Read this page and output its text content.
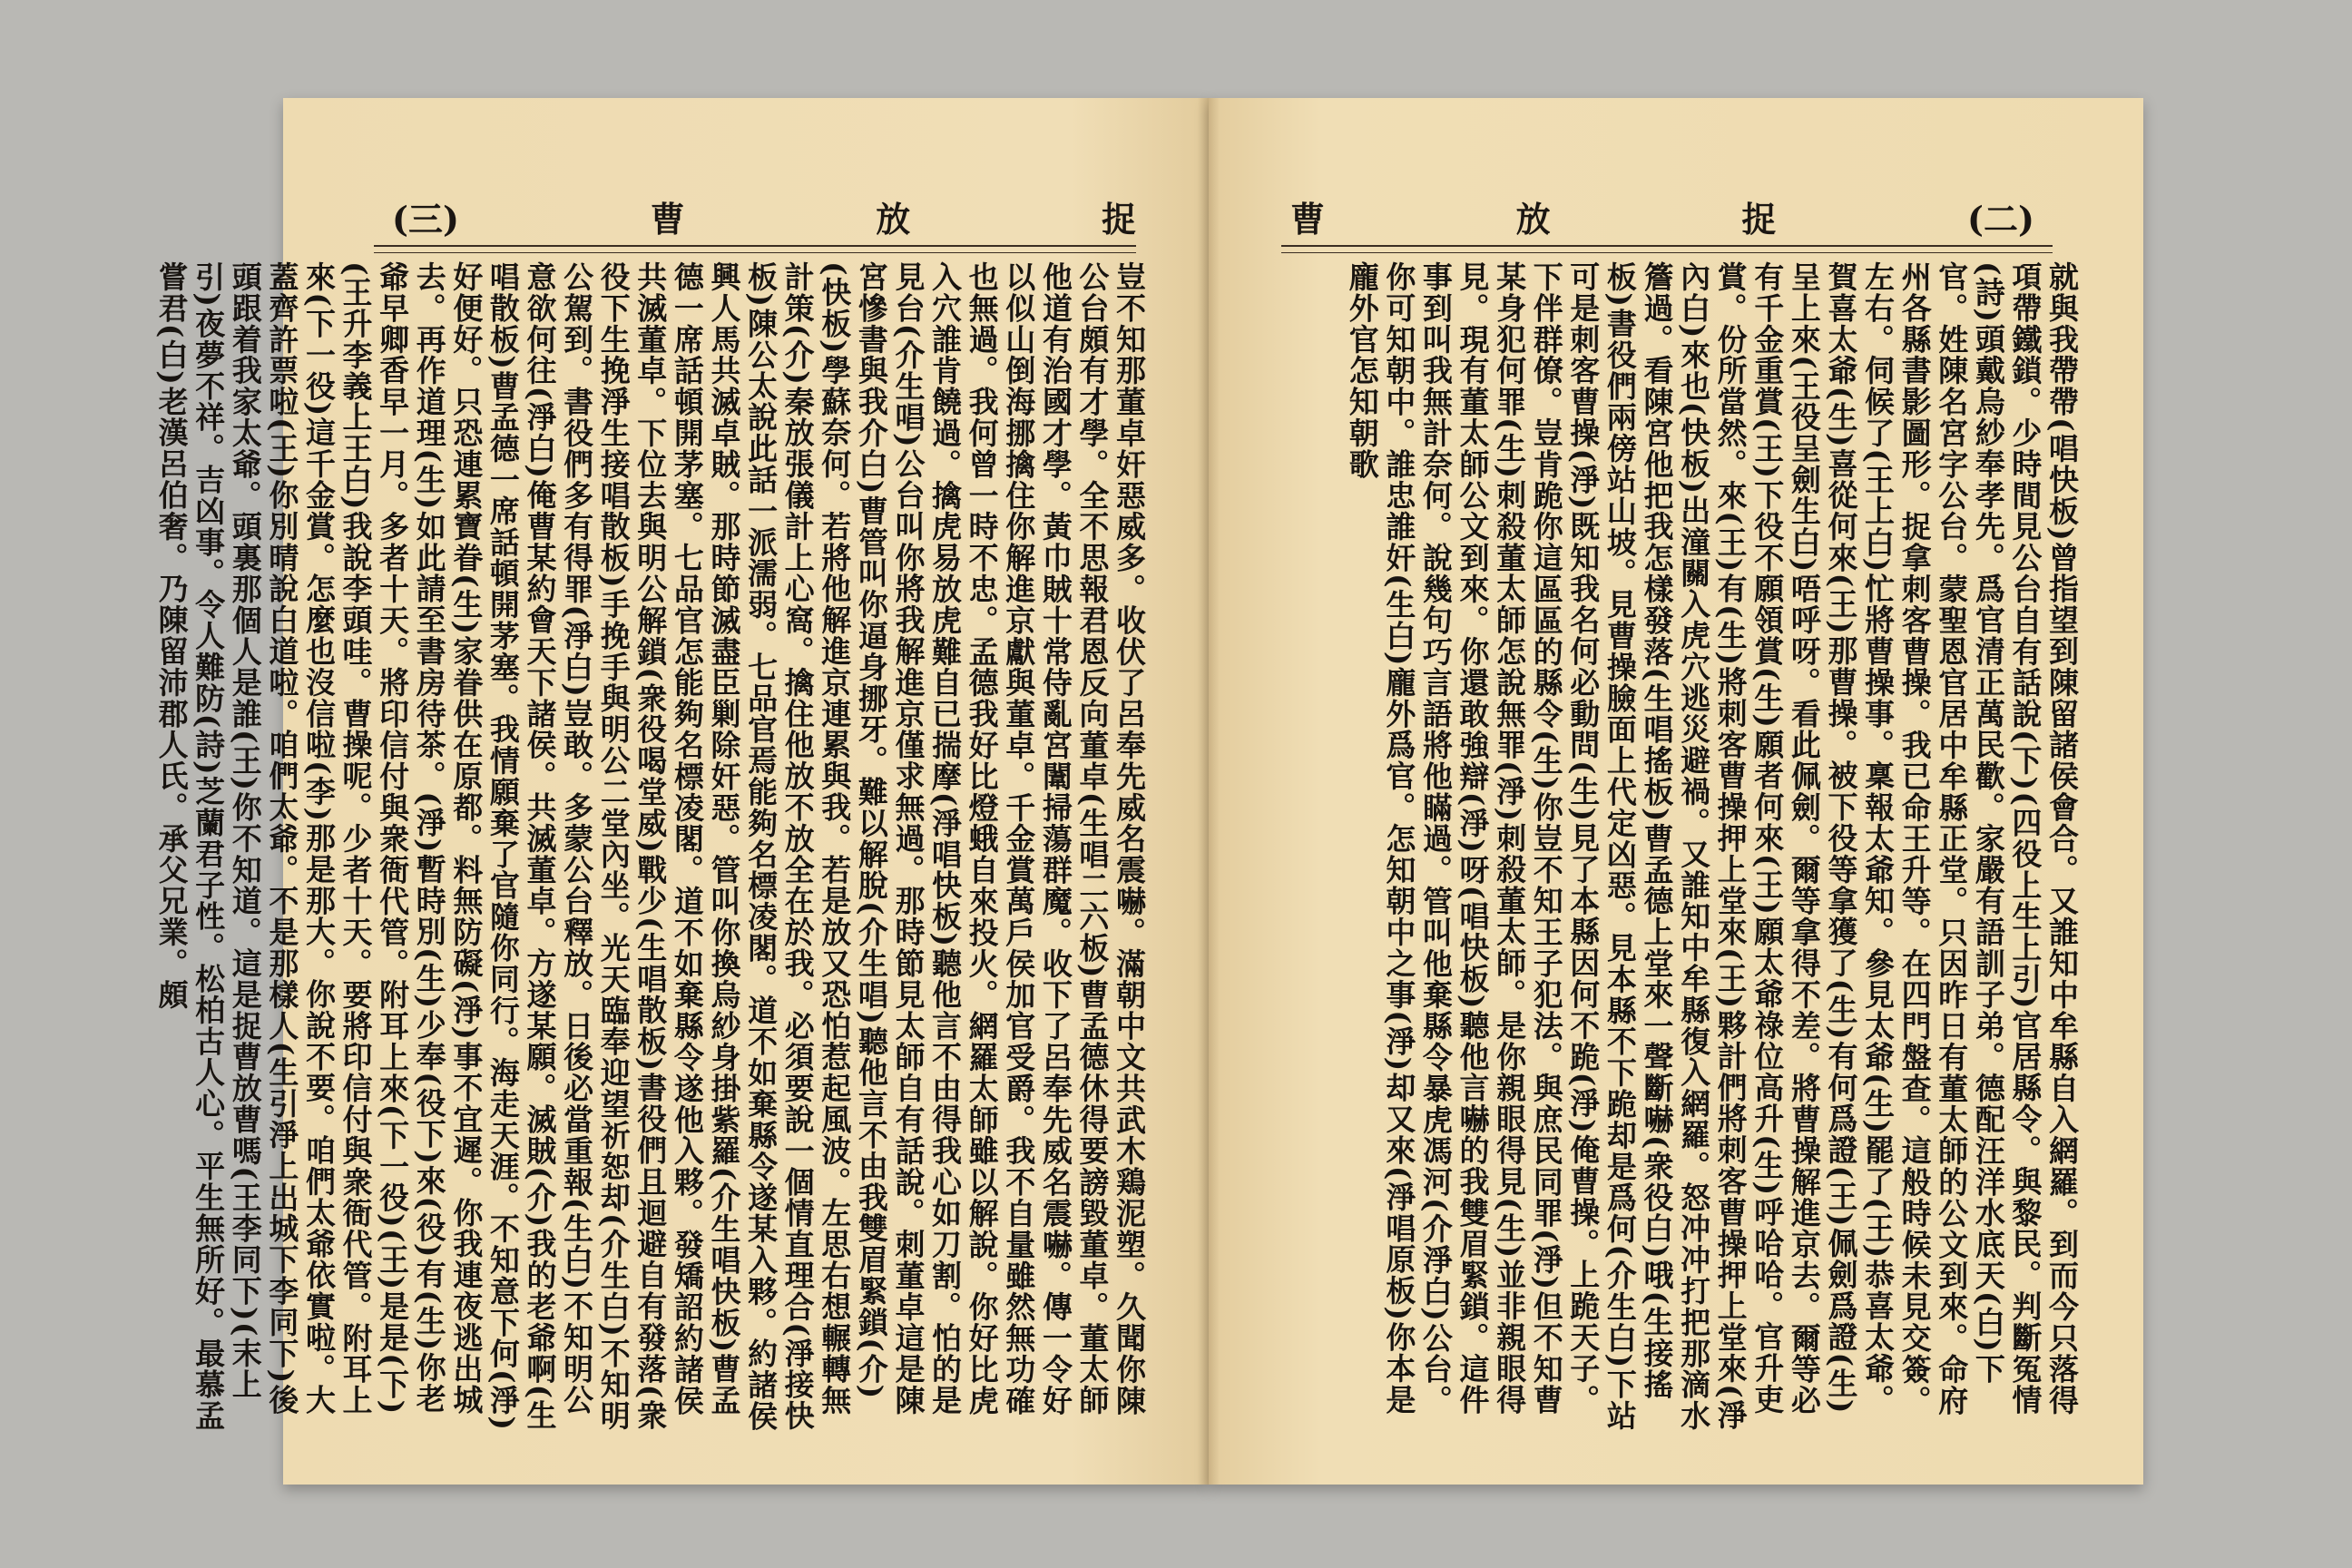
(三)	曹	放	捉

豈不知那董卓奸惡威多。收伏了呂奉先威名震嚇。滿朝中文共武木鶏泥塑。久聞你陳公台頗有才學。全不思報君恩反向董卓(生唱二六板)曹孟德休得要謗毀董卓。董太師他道有治國才學。黃巾賊十常侍亂宮闈掃蕩群魔。收下了呂奉先威名震嚇。傳一令好以似山倒海挪擒住你解進京獻與董卓。千金賞萬戶侯加官受爵。我不自量雖然無功確也無過。我何曾一時不忠。孟德我好比燈蛾自來投火。網羅太師雖以解說。你好比虎入穴誰肯饒過。擒虎易放虎難自已揣摩(淨唱快板)聽他言不由得我心如刀割。怕的是見台(介生唱)公台叫你將我解進京僅求無過。那時節見太師自有話說。刺董卓這是陳宮慘書與我介白)曹管叫你逼身挪牙。難以解脫(介生唱)聽他言不由我雙眉緊鎖(介)(快板)學蘇奈何。若將他解進京連累與我。若是放又恐怕惹起風波。左思右想輾轉無計策(介)秦放張儀計上心窩。擒住他放不放全在於我。必須要說一個情直理合(淨接快板)陳公太說此話一派濡弱。七品官焉能夠名標凌閣。道不如棄縣令遂某入夥。約諸侯興人馬共滅卓賊。那時節滅盡臣剿除奸惡。管叫你換烏紗身掛紫羅(介生唱快板)曹孟德一席話頓開茅塞。七品官怎能夠名標凌閣。道不如棄縣令遂他入夥。發矯詔約諸侯共滅董卓。下位去與明公解鎖(衆役喝堂威)戰少(生唱散板)書役們且迴避自有發落(衆役下生挽淨生接唱散板)手挽手與明公二堂內坐。光天臨奉迎望祈恕却(介生白)不知明公駕到。書役們多有得罪(淨白)豈敢。多蒙公台釋放。日後必當重報(生白)不知明公意欲何往(淨白)俺曹某約會天下諸侯。共滅董卓。方遂某願。滅賊(介)我的老爺啊(生唱散板)曹孟德一席話頓開茅塞。我情願棄了官隨你同行。海走天涯。不知意下何(淨)好便好。只恐連累寶眷(生)家眷供在原都。料無防礙(淨)事不宜遲。你我連夜逃出城去。再作道理(生)如此請至書房待茶。(淨)暫時別(生)少奉(役下)來(役)有(生)你老爺早卿香早一月。多者十天。將印信付與衆衙代管。附耳上來(下一役)(王)是是(下)(王升李義上王白)我說李頭哇。曹操呢。少者十天。要將印信付與衆衙代管。附耳上來(下一役)這千金賞。怎麼也沒信啦(李)那是那大。你說不要。咱們太爺依實啦。大蓋齊許票啦(王)你別晴說白道啦。咱們太爺。不是那樣人(生引淨上出城下李同下)後頭跟着我家太爺。頭裏那個人是誰(王)你不知道。這是捉曹放曹嗎(王李同下)(末上引)夜夢不祥。吉凶事。令人難防(詩)芝蘭君子性。松柏古人心。平生無所好。最慕孟嘗君(白)老漢呂伯奢。乃陳留沛郡人氏。承父兄業。頗

曹	放	捉	(二)

就與我帶帶(唱快板)曾指望到陳留諸侯會合。又誰知中牟縣自入網羅。到而今只落得項帶鐵鎖。少時間見公台自有話說(下)(四役上生上引)官居縣令。與黎民。判斷冤情(詩)頭戴烏紗奉孝先。爲官清正萬民歡。家嚴有語訓子弟。德配汪洋水底天(白)下官。姓陳名宮字公台。蒙聖恩官居中牟縣正堂。只因昨日有董太師的公文到來。命府州各縣書影圖形。捉拿刺客曹操。我已命王升等。在四門盤查。這般時候未見交簽。左右。伺候了(王上白)忙將曹操事。稟報太爺知。參見太爺(生)罷了(王)恭喜太爺。賀喜太爺(生)喜從何來(王)那曹操。被下役等拿獲了(生)有何爲證(王)佩劍爲證(生)呈上來(王役呈劍生白)唔呼呀。看此佩劍。爾等拿得不差。將曹操解進京去。爾等必有千金重賞(王)下役不願領賞(生)願者何來(王)願太爺祿位高升(生)呼哈哈。官升吏賞。份所當然。來(王)有(生)將刺客曹操押上堂來(王)夥計們將刺客曹操押上堂來(淨內白)來也(快板)出潼關入虎穴逃災避禍。又誰知中牟縣復入網羅。怒冲冲打把那滴水簷過。看陳宮他把我怎樣發落(生唱搖板)曹孟德上堂來一聲斷嚇(衆役白)哦(生接搖板)書役們兩傍站山坡。見曹操臉面上代定凶惡。見本縣不下跪却是爲何(介生白)下站可是刺客曹操(淨)既知我名何必動問(生)見了本縣因何不跪(淨)俺曹操。上跪天子。下伴群僚。豈肯跪你這區區的縣令(生)你豈不知王子犯法。與庶民同罪(淨)但不知曹某身犯何罪(生)刺殺董太師怎說無罪(淨)刺殺董太師。是你親眼得見(生)並非親眼得見。現有董太師公文到來。你還敢強辯(淨)呀(唱快板)聽他言嚇的我雙眉緊鎖。這件事到叫我無計奈何。說幾句巧言語將他瞞過。管叫他棄縣令暴虎馮河(介淨白)公台。你可知朝中。誰忠誰奸(生白)龐外爲官。怎知朝中之事(淨)却又來(淨唱原板)你本是龐外官怎知朝歌
